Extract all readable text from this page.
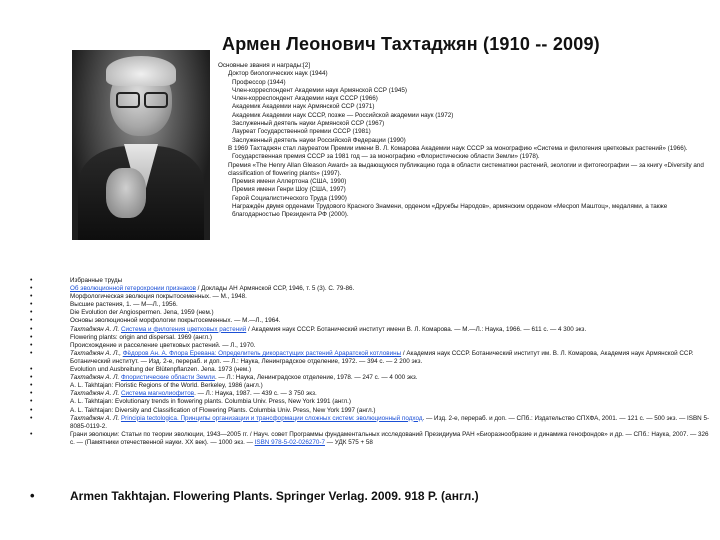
Армен Леонович Тахтаджян (1910 -- 2009)

Основные звания и награды:[2]

Доктор биологических наук (1944)

Профессор (1944)

Член-корреспондент Академии наук Армянской ССР (1945)

Член-корреспондент Академии наук СССР (1966)

Академик Академии наук Армянской ССР (1971)

Академик Академии наук СССР, позже — Российской академии наук (1972)

Заслуженный деятель науки Армянской ССР (1967)

Лауреат Государственной премии СССР (1981)

Заслуженный деятель науки Российской Федерации (1990)

В 1969 Тахтаджян стал лауреатом Премии имени В. Л. Комарова Академии наук СССР за монографию «Система и филогения цветковых растений» (1966).

Государственная премия СССР за 1981 год — за монографию «Флористические области Земли» (1978).

Премия «The Henry Allan Gleason Award» за выдающуюся публикацию года в области систематики растений, экологии и фитогеографии — за книгу «Diversity and classification of flowering plants» (1997).

Премия имени Аллертона (США, 1990)

Премия имени Генри Шоу (США, 1997)

Герой Социалистического Труда (1990)

Награждён двумя орденами Трудового Красного Знамени, орденом «Дружбы Народов», армянским орденом «Месроп Маштоц», медалями, а также благодарностью Президента РФ (2000).

• Избранные труды
• Об эволюционной гетерохронии признаков / Доклады АН Армянской ССР, 1946, т. 5 (3). С. 79-86.
• Морфологическая эволюция покрытосеменных. — М., 1948.
• Высшие растения, 1. — М—Л., 1956.
• Die Evolution der Angiospermen. Jena, 1959 (нем.)
• Основы эволюционной морфологии покрытосеменных. — М.—Л., 1964.
• Тахтаджян А. Л. Система и филогения цветковых растений / Академия наук СССР. Ботанический институт имени В. Л. Комарова. — М.—Л.: Наука, 1966. — 611 с. — 4 300 экз.
• Flowering plants: origin and dispersal. 1969 (англ.)
• Происхождение и расселение цветковых растений. — Л., 1970.
• Тахтаджян А. Л., Фёдоров Ан. А. Флора Еревана: Определитель дикорастущих растений Араратской котловины / Академия наук СССР. Ботанический институт им. В. Л. Комарова, Академия наук Армянской ССР. Ботанический институт. — Изд. 2-е, перераб. и доп. — Л.: Наука, Ленинградское отделение, 1972. — 394 с. — 2 200 экз.
• Evolution und Ausbreitung der Blütenpflanzen. Jena. 1973 (нем.)
• Тахтаджян А. Л. Флористические области Земли. — Л.: Наука, Ленинградское отделение, 1978. — 247 с. — 4 000 экз.
• A. L. Takhtajan: Floristic Regions of the World. Berkeley, 1986 (англ.)
• Тахтаджян А. Л. Система магнолиофитов. — Л.: Наука, 1987. — 439 с. — 3 750 экз.
• A. L. Takhtajan: Evolutionary trends in flowering plants. Columbia Univ. Press, New York 1991 (англ.)
• A. L. Takhtajan: Diversity and Classification of Flowering Plants. Columbia Univ. Press, New York 1997 (англ.)
• Тахтаджян А. Л. Principia tectologica. Принципы организации и трансформации сложных систем: эволюционный подход. — Изд. 2-е, перераб. и доп. — СПб.: Издательство СПХФА, 2001. — 121 с. — 500 экз. — ISBN 5-8085-0119-2.
• Грани эволюции: Статьи по теории эволюции, 1943—2005 гг. / Науч. совет Программы фундаментальных исследований Президиума РАН «Биоразнообразие и динамика генофондов» и др. — СПб.: Наука, 2007. — 326 с. — (Памятники отечественной науки. XX век). — 1000 экз. — ISBN 978-5-02-026270-7 — УДК 575 + 58
• Armen Takhtajan. Flowering Plants. Springer Verlag. 2009. 918 P. (англ.)
